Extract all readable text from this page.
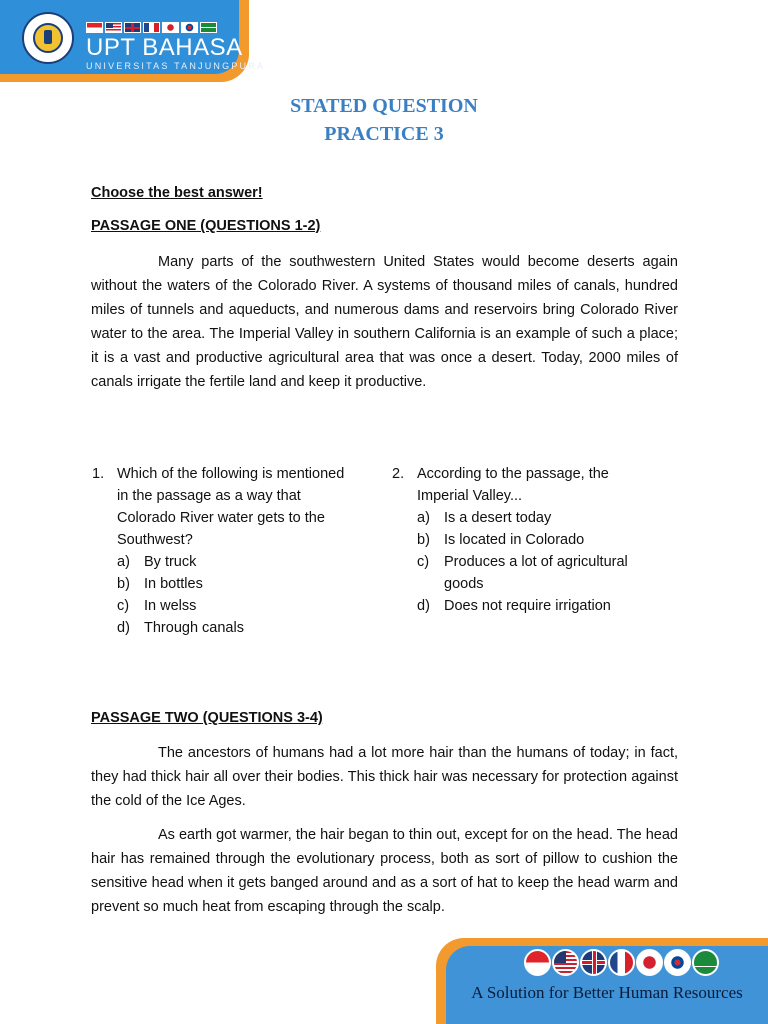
UPT BAHASA
UNIVERSITAS TANJUNGPURA
STATED QUESTION
PRACTICE 3
Choose the best answer!
PASSAGE ONE (QUESTIONS 1-2)

Many parts of the southwestern United States would become deserts again without the waters of the Colorado River. A systems of thousand miles of canals, hundred miles of tunnels and aqueducts, and numerous dams and reservoirs bring Colorado River water to the area. The Imperial Valley in southern California is an example of such a place; it is a vast and productive agricultural area that was once a desert. Today, 2000 miles of canals irrigate the fertile land and keep it productive.

1. Which of the following is mentioned
in the passage as a way that
Colorado River water gets to the
Southwest?
a) By truck
b) In bottles
c) In welss
d) Through canals
2. According to the passage, the
Imperial Valley...
a) Is a desert today
b) Is located in Colorado
c) Produces a lot of agricultural goods
d) Does not require irrigation
PASSAGE TWO (QUESTIONS 3-4)

The ancestors of humans had a lot more hair than the humans of today; in fact, they had thick hair all over their bodies. This thick hair was necessary for protection against the cold of the Ice Ages.

As earth got warmer, the hair began to thin out, except for on the head. The head hair has remained through the evolutionary process, both as sort of pillow to cushion the sensitive head when it gets banged around and as a sort of hat to keep the head warm and prevent so much heat from escaping through the scalp.

A Solution for Better Human Resources
